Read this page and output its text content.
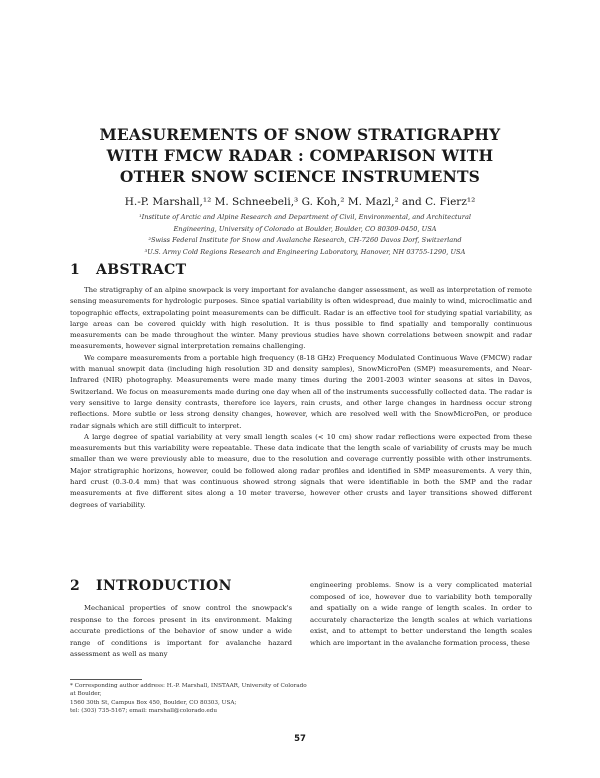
MEASUREMENTS OF SNOW STRATIGRAPHY
WITH FMCW RADAR : COMPARISON WITH
OTHER SNOW SCIENCE INSTRUMENTS
H.-P. Marshall,¹² M. Schneebeli,³ G. Koh,² M. Mazl,² and C. Fierz¹²
¹Institute of Arctic and Alpine Research and Department of Civil, Environmental, and Architectural
Engineering, University of Colorado at Boulder, Boulder, CO 80309-0450, USA
²Swiss Federal Institute for Snow and Avalanche Research, CH-7260 Davos Dorf, Switzerland
³U.S. Army Cold Regions Research and Engineering Laboratory, Hanover, NH 03755-1290, USA
1 ABSTRACT

The stratigraphy of an alpine snowpack is very important for avalanche danger assessment, as well as interpretation of remote sensing measurements for hydrologic purposes. Since spatial variability is often widespread, due mainly to wind, microclimatic and topographic effects, extrapolating point measurements can be difficult. Radar is an effective tool for studying spatial variability, as large areas can be covered quickly with high resolution. It is thus possible to find spatially and temporally continuous measurements can be made throughout the winter. Many previous studies have shown correlations between snowpit and radar measurements, however signal interpretation remains challenging.

We compare measurements from a portable high frequency (8-18 GHz) Frequency Modulated Continuous Wave (FMCW) radar with manual snowpit data (including high resolution 3D and density samples), SnowMicroPen (SMP) measurements, and Near-Infrared (NIR) photography. Measurements were made many times during the 2001-2003 winter seasons at sites in Davos, Switzerland. We focus on measurements made during one day when all of the instruments successfully collected data. The radar is very sensitive to large density contrasts, therefore ice layers, rain crusts, and other large changes in hardness occur strong reflections. More subtle or less strong density changes, however, which are resolved well with the SnowMicroPen, or produce radar signals which are still difficult to interpret.

A large degree of spatial variability at very small length scales (< 10 cm) show radar reflections were expected from these measurements but this variability were repeatable. These data indicate that the length scale of variability of crusts may be much smaller than we were previously able to measure, due to the resolution and coverage currently possible with other instruments. Major stratigraphic horizons, however, could be followed along radar profiles and identified in SMP measurements. A very thin, hard crust (0.3-0.4 mm) that was continuous showed strong signals that were identifiable in both the SMP and the radar measurements at five different sites along a 10 meter traverse, however other crusts and layer transitions showed different degrees of variability.

2 INTRODUCTION

Mechanical properties of snow control the snowpack's response to the forces present in its environment. Making accurate predictions of the behavior of snow under a wide range of conditions is important for avalanche hazard assessment as well as many

engineering problems. Snow is a very complicated material composed of ice, however due to variability both temporally and spatially on a wide range of length scales. In order to accurately characterize the length scales at which variations exist, and to attempt to better understand the length scales which are important in the avalanche formation process, these

* Corresponding author address: H.-P. Marshall, INSTAAR, University of Colorado at Boulder,
1560 30th St, Campus Box 450, Boulder, CO 80303, USA;
tel: (303) 735-5167; email: marshall@colorado.edu
57
